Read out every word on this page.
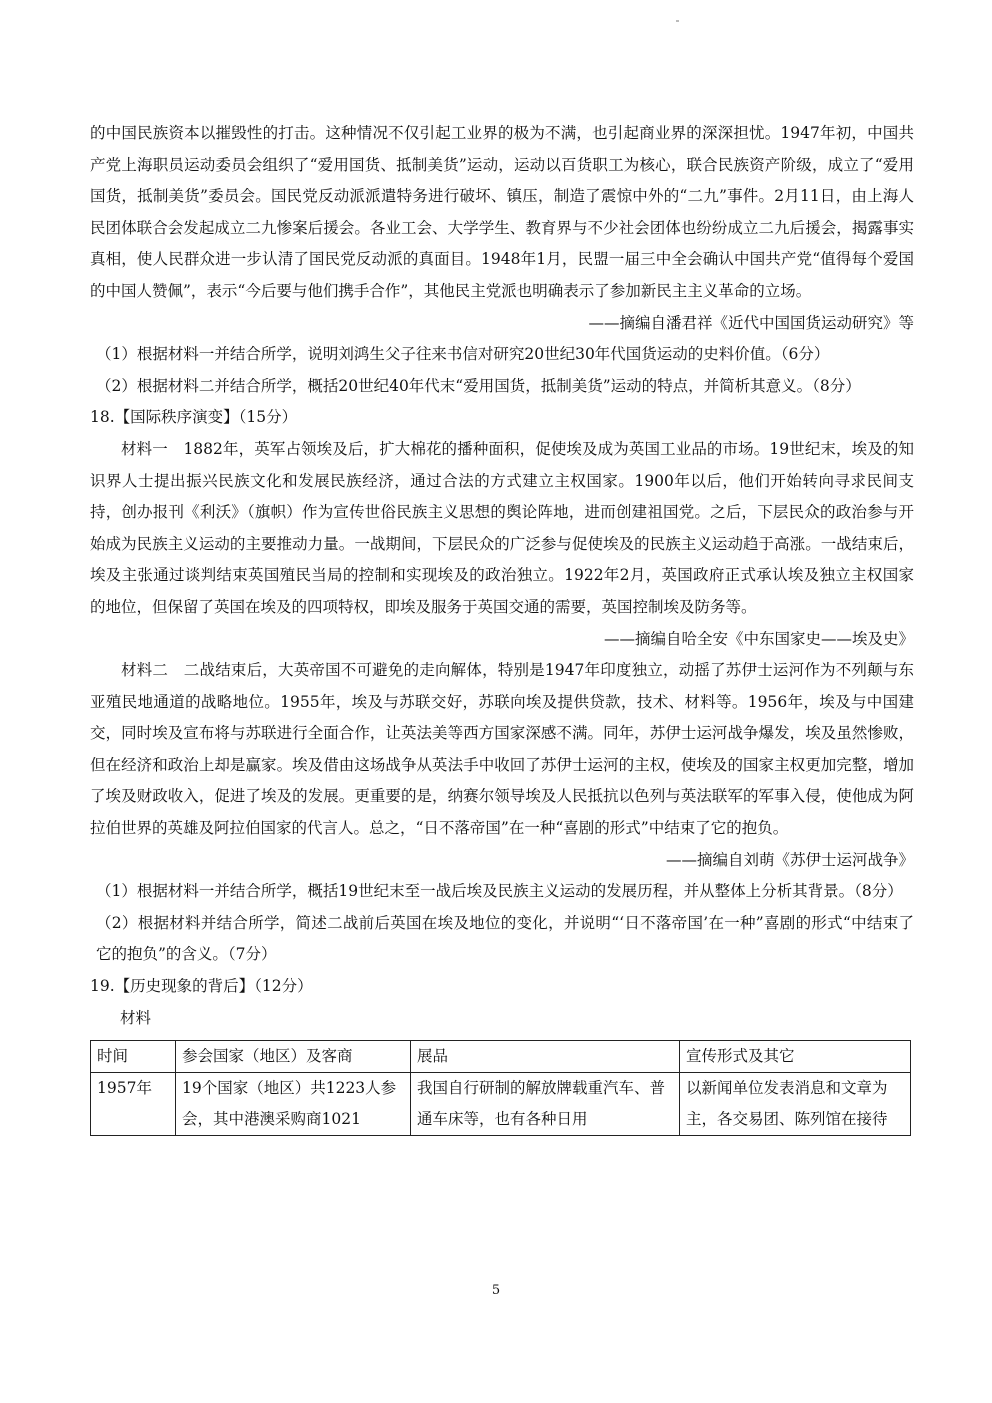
的中国民族资本以摧毁性的打击。这种情况不仅引起工业界的极为不满，也引起商业界的深深担忧。1947年初，中国共产党上海职员运动委员会组织了“爱用国货、抵制美货”运动，运动以百货职工为核心，联合民族资产阶级，成立了“爱用国货，抵制美货”委员会。国民党反动派派遣特务进行破坏、镇压，制造了震惊中外的“二九”事件。2月11日，由上海人民团体联合会发起成立二九惨案后援会。各业工会、大学学生、教育界与不少社会团体也纷纷成立二九后援会，揭露事实真相，使人民群众进一步认清了国民党反动派的真面目。1948年1月，民盟一届三中全会确认中国共产党“值得每个爱国的中国人赞佩”，表示“今后要与他们携手合作”，其他民主党派也明确表示了参加新民主主义革命的立场。

——摘编自潘君祥《近代中国国货运动研究》等

（1）根据材料一并结合所学，说明刘鸿生父子往来书信对研究20世纪30年代国货运动的史料价值。（6分）

（2）根据材料二并结合所学，概括20世纪40年代末“爱用国货，抵制美货”运动的特点，并简析其意义。（8分）

18.【国际秩序演变】（15分）

材料一　1882年，英军占领埃及后，扩大棉花的播种面积，促使埃及成为英国工业品的市场。19世纪末，埃及的知识界人士提出振兴民族文化和发展民族经济，通过合法的方式建立主权国家。1900年以后，他们开始转向寻求民间支持，创办报刊《利沃》（旗帜）作为宣传世俗民族主义思想的舆论阵地，进而创建祖国党。之后，下层民众的政治参与开始成为民族主义运动的主要推动力量。一战期间，下层民众的广泛参与促使埃及的民族主义运动趋于高涨。一战结束后，埃及主张通过谈判结束英国殖民当局的控制和实现埃及的政治独立。1922年2月，英国政府正式承认埃及独立主权国家的地位，但保留了英国在埃及的四项特权，即埃及服务于英国交通的需要，英国控制埃及防务等。

——摘编自哈全安《中东国家史——埃及史》

材料二　二战结束后，大英帝国不可避免的走向解体，特别是1947年印度独立，动摇了苏伊士运河作为不列颠与东亚殖民地通道的战略地位。1955年，埃及与苏联交好，苏联向埃及提供贷款，技术、材料等。1956年，埃及与中国建交，同时埃及宣布将与苏联进行全面合作，让英法美等西方国家深感不满。同年，苏伊士运河战争爆发，埃及虽然惨败，但在经济和政治上却是赢家。埃及借由这场战争从英法手中收回了苏伊士运河的主权，使埃及的国家主权更加完整，增加了埃及财政收入，促进了埃及的发展。更重要的是，纳赛尔领导埃及人民抵抗以色列与英法联军的军事入侵，使他成为阿拉伯世界的英雄及阿拉伯国家的代言人。总之，“日不落帝国”在一种“喜剧的形式”中结束了它的抱负。

——摘编自刘萌《苏伊士运河战争》

（1）根据材料一并结合所学，概括19世纪末至一战后埃及民族主义运动的发展历程，并从整体上分析其背景。（8分）

（2）根据材料并结合所学，简述二战前后英国在埃及地位的变化，并说明“‘日不落帝国’在一种”喜剧的形式“中结束了它的抱负”的含义。（7分）

19.【历史现象的背后】（12分）

材料

时间	参会国家（地区）及客商	展品	宣传形式及其它

1957年	19个国家（地区）共1223人参会，其中港澳采购商1021	我国自行研制的解放牌载重汽车、普通车床等，也有各种日用	以新闻单位发表消息和文章为主，各交易团、陈列馆在接待
5
